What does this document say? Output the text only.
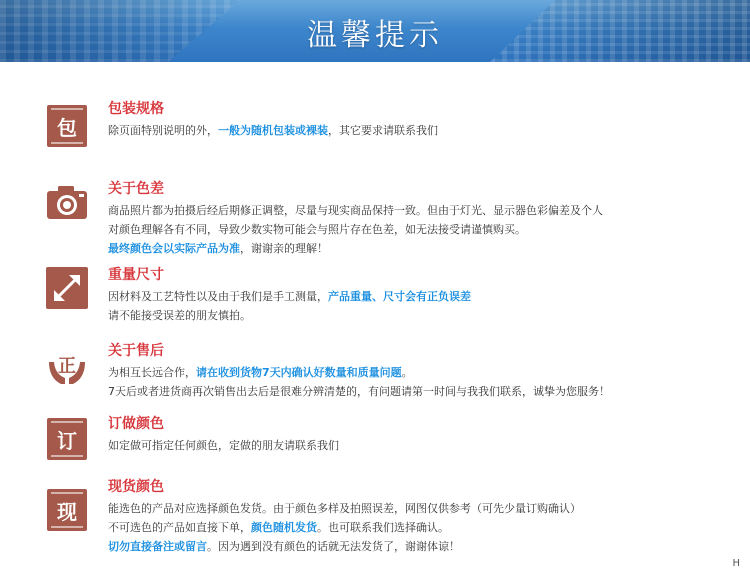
温馨提示
包
包装规格
除页面特别说明的外，一般为随机包装或裸装，其它要求请联系我们
关于色差
商品照片都为拍摄后经后期修正调整，尽量与现实商品保持一致。但由于灯光、显示器色彩偏差及个人
对颜色理解各有不同，导致少数实物可能会与照片存在色差，如无法接受请谨慎购买。
最终颜色会以实际产品为准，谢谢亲的理解！
重量尺寸
因材料及工艺特性以及由于我们是手工测量，产品重量、尺寸会有正负误差
请不能接受误差的朋友慎拍。
正
关于售后
为相互长远合作，请在收到货物7天内确认好数量和质量问题。
7天后或者进货商再次销售出去后是很难分辨清楚的，有问题请第一时间与我我们联系，诚挚为您服务！
订
订做颜色
如定做可指定任何颜色，定做的朋友请联系我们
现
现货颜色
能选色的产品对应选择颜色发货。由于颜色多样及拍照误差，网图仅供参考（可先少量订购确认）
不可选色的产品如直接下单，颜色随机发货。也可联系我们选择确认。
切勿直接备注或留言。因为遇到没有颜色的话就无法发货了，谢谢体谅！
H
